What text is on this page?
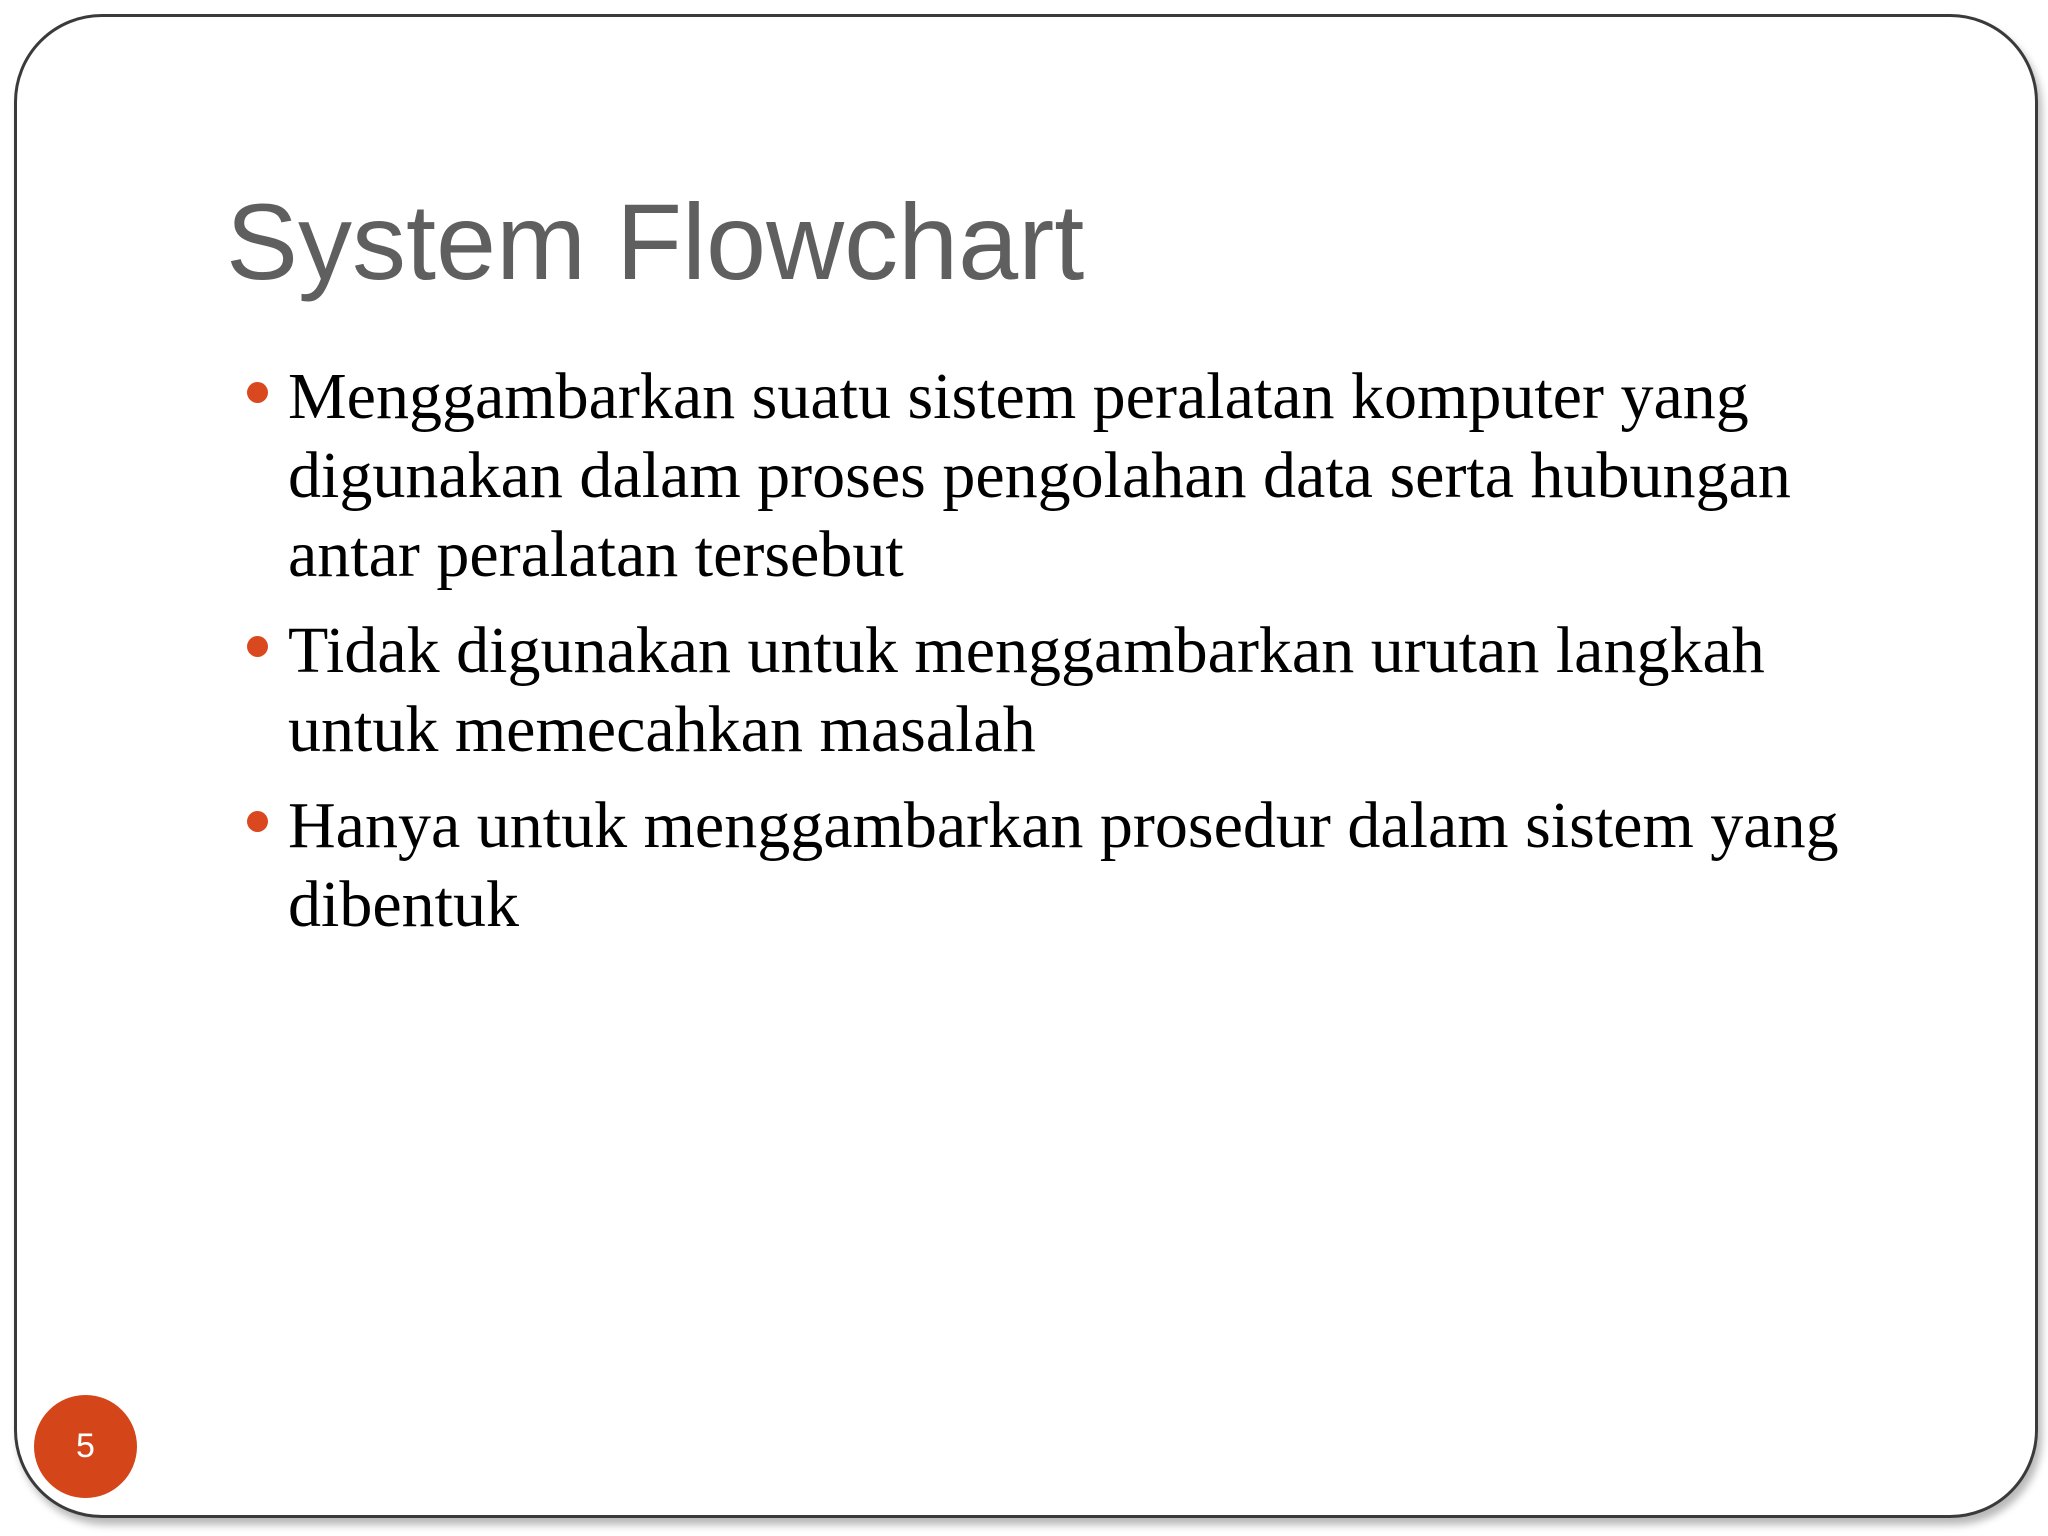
System Flowchart
Menggambarkan suatu sistem peralatan komputer yang digunakan dalam proses pengolahan data serta hubungan antar peralatan tersebut
Tidak digunakan untuk menggambarkan urutan langkah untuk memecahkan masalah
Hanya untuk menggambarkan prosedur dalam sistem yang dibentuk
5
